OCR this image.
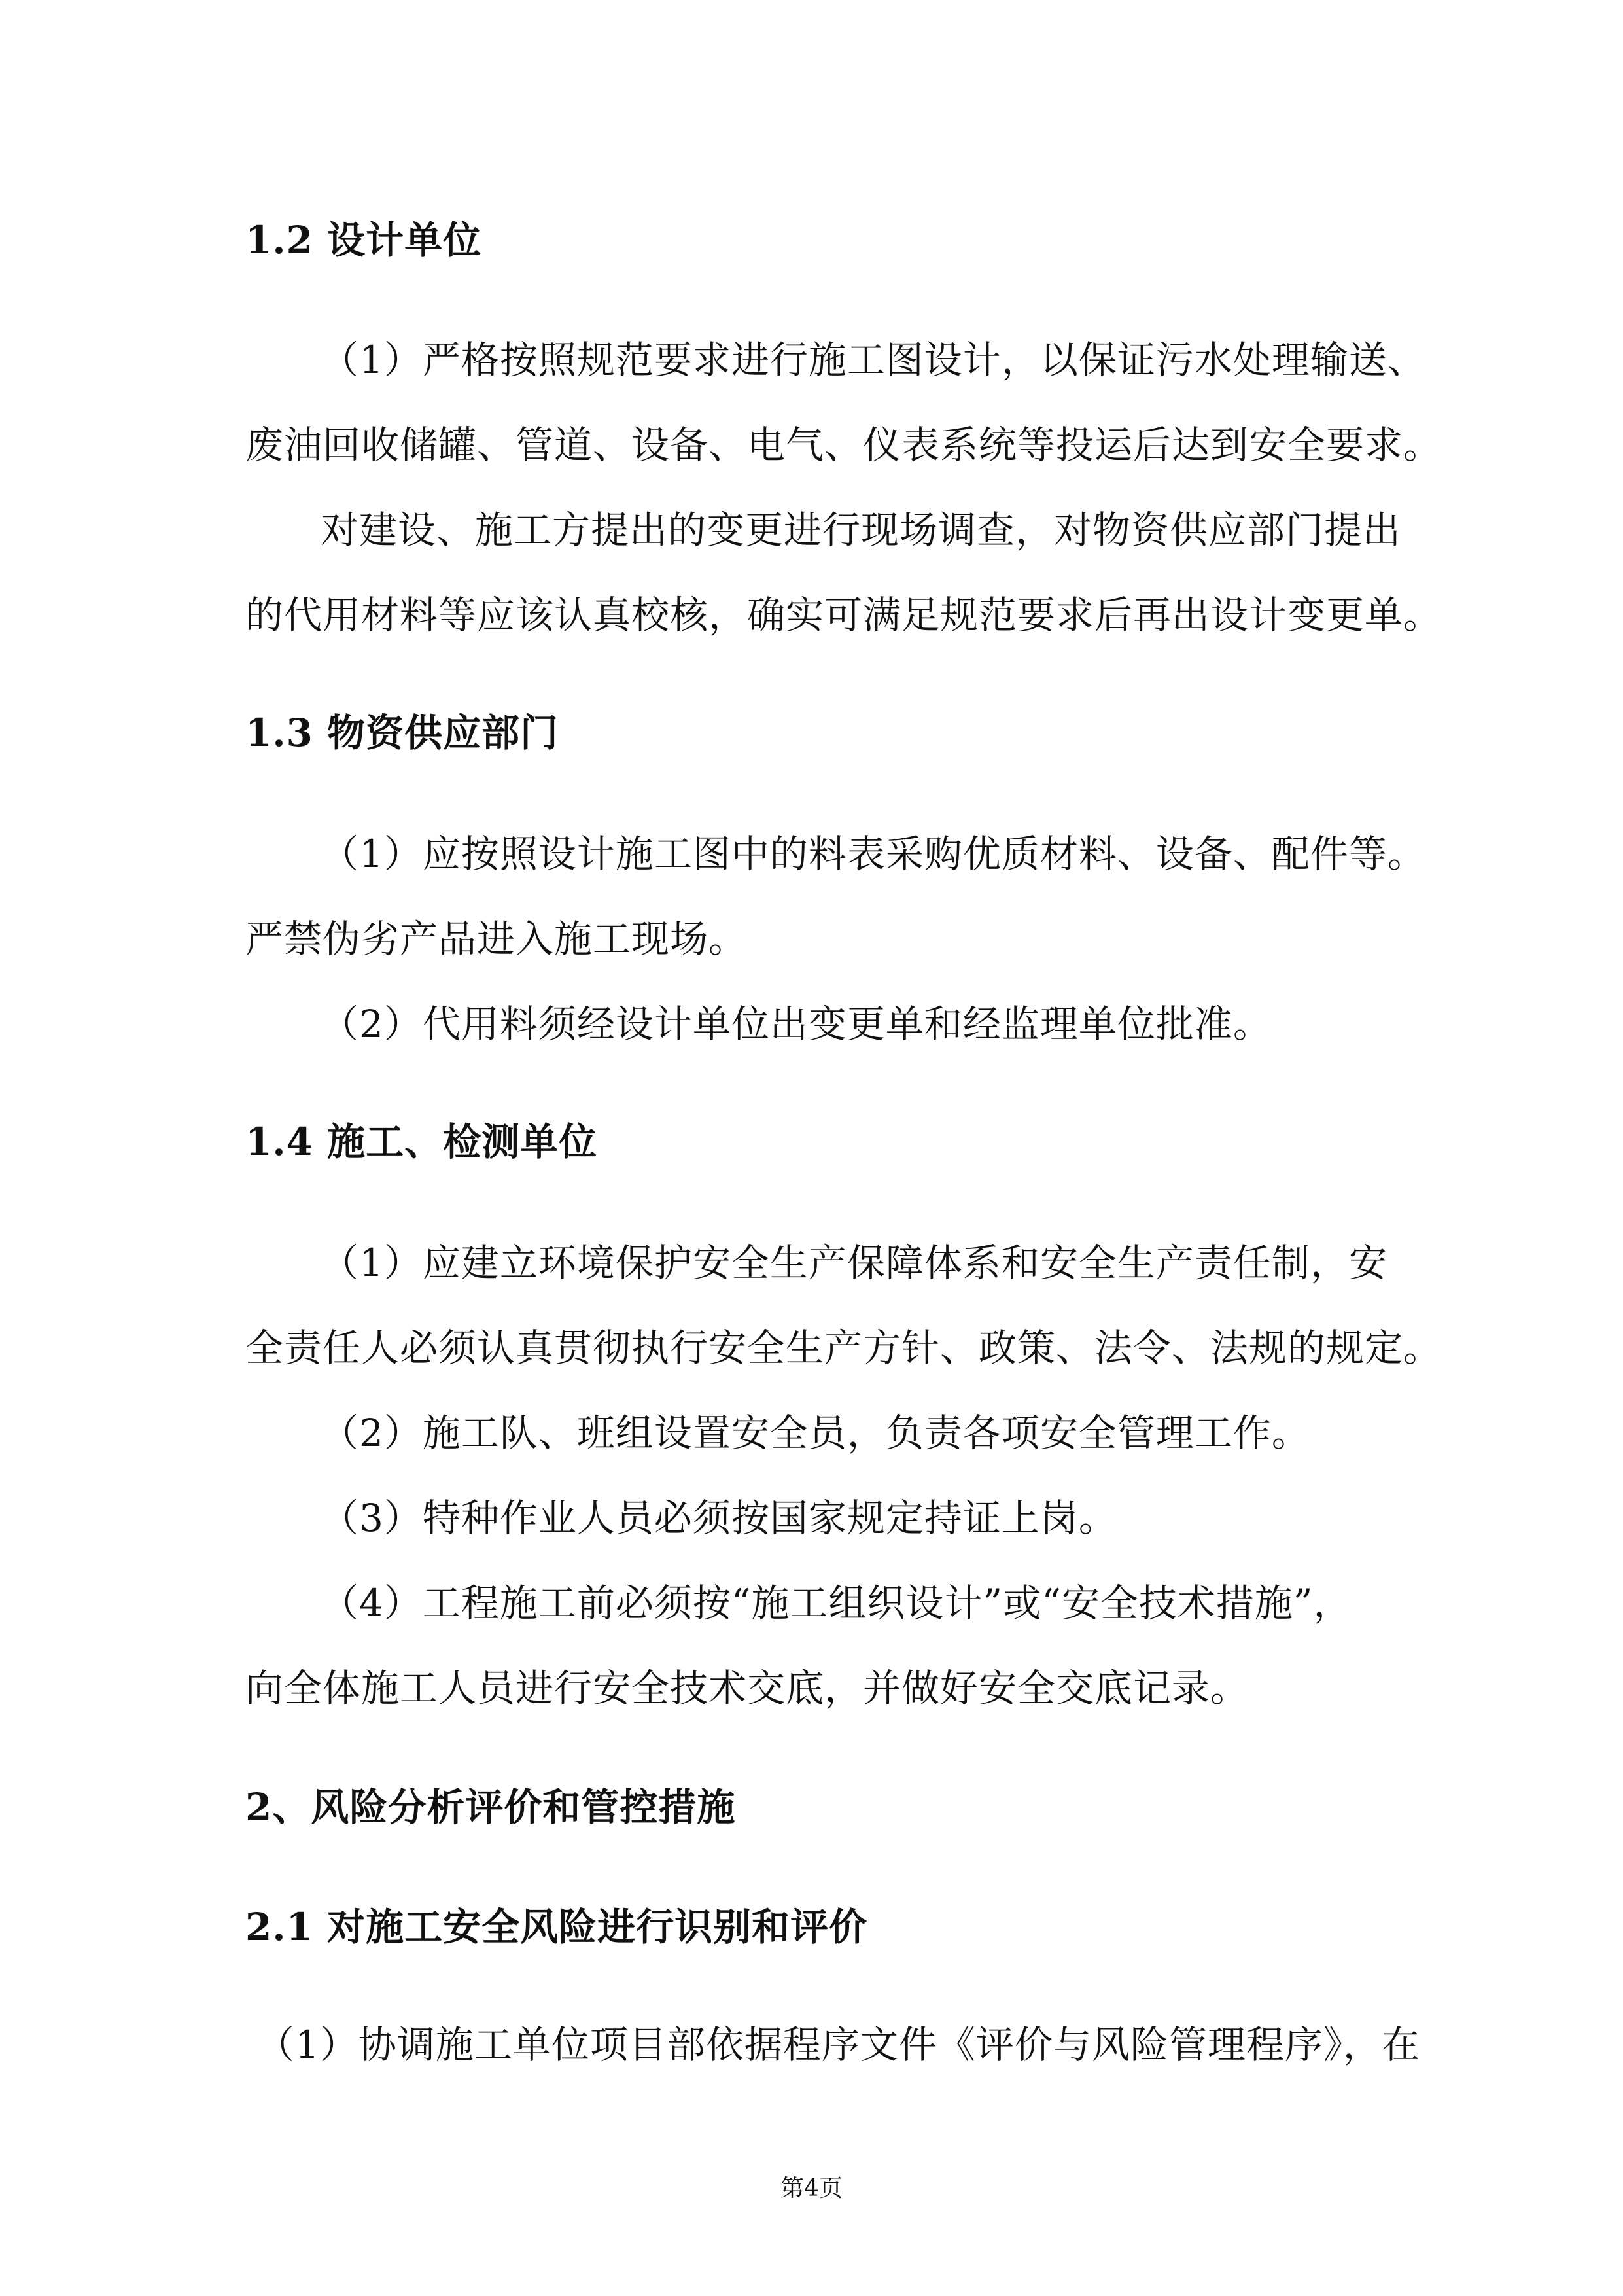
1.2 设计单位
（1）严格按照规范要求进行施工图设计，以保证污水处理输送、
废油回收储罐、管道、设备、电气、仪表系统等投运后达到安全要求。
对建设、施工方提出的变更进行现场调查，对物资供应部门提出
的代用材料等应该认真校核，确实可满足规范要求后再出设计变更单。
1.3 物资供应部门
（1）应按照设计施工图中的料表采购优质材料、设备、配件等。
严禁伪劣产品进入施工现场。
（2）代用料须经设计单位出变更单和经监理单位批准。
1.4 施工、检测单位
（1）应建立环境保护安全生产保障体系和安全生产责任制，安
全责任人必须认真贯彻执行安全生产方针、政策、法令、法规的规定。
（2）施工队、班组设置安全员，负责各项安全管理工作。
（3）特种作业人员必须按国家规定持证上岗。
（4）工程施工前必须按“施工组织设计”或“安全技术措施”，
向全体施工人员进行安全技术交底，并做好安全交底记录。
2、风险分析评价和管控措施
2.1 对施工安全风险进行识别和评价
（1）协调施工单位项目部依据程序文件《评价与风险管理程序》，在
第4页
